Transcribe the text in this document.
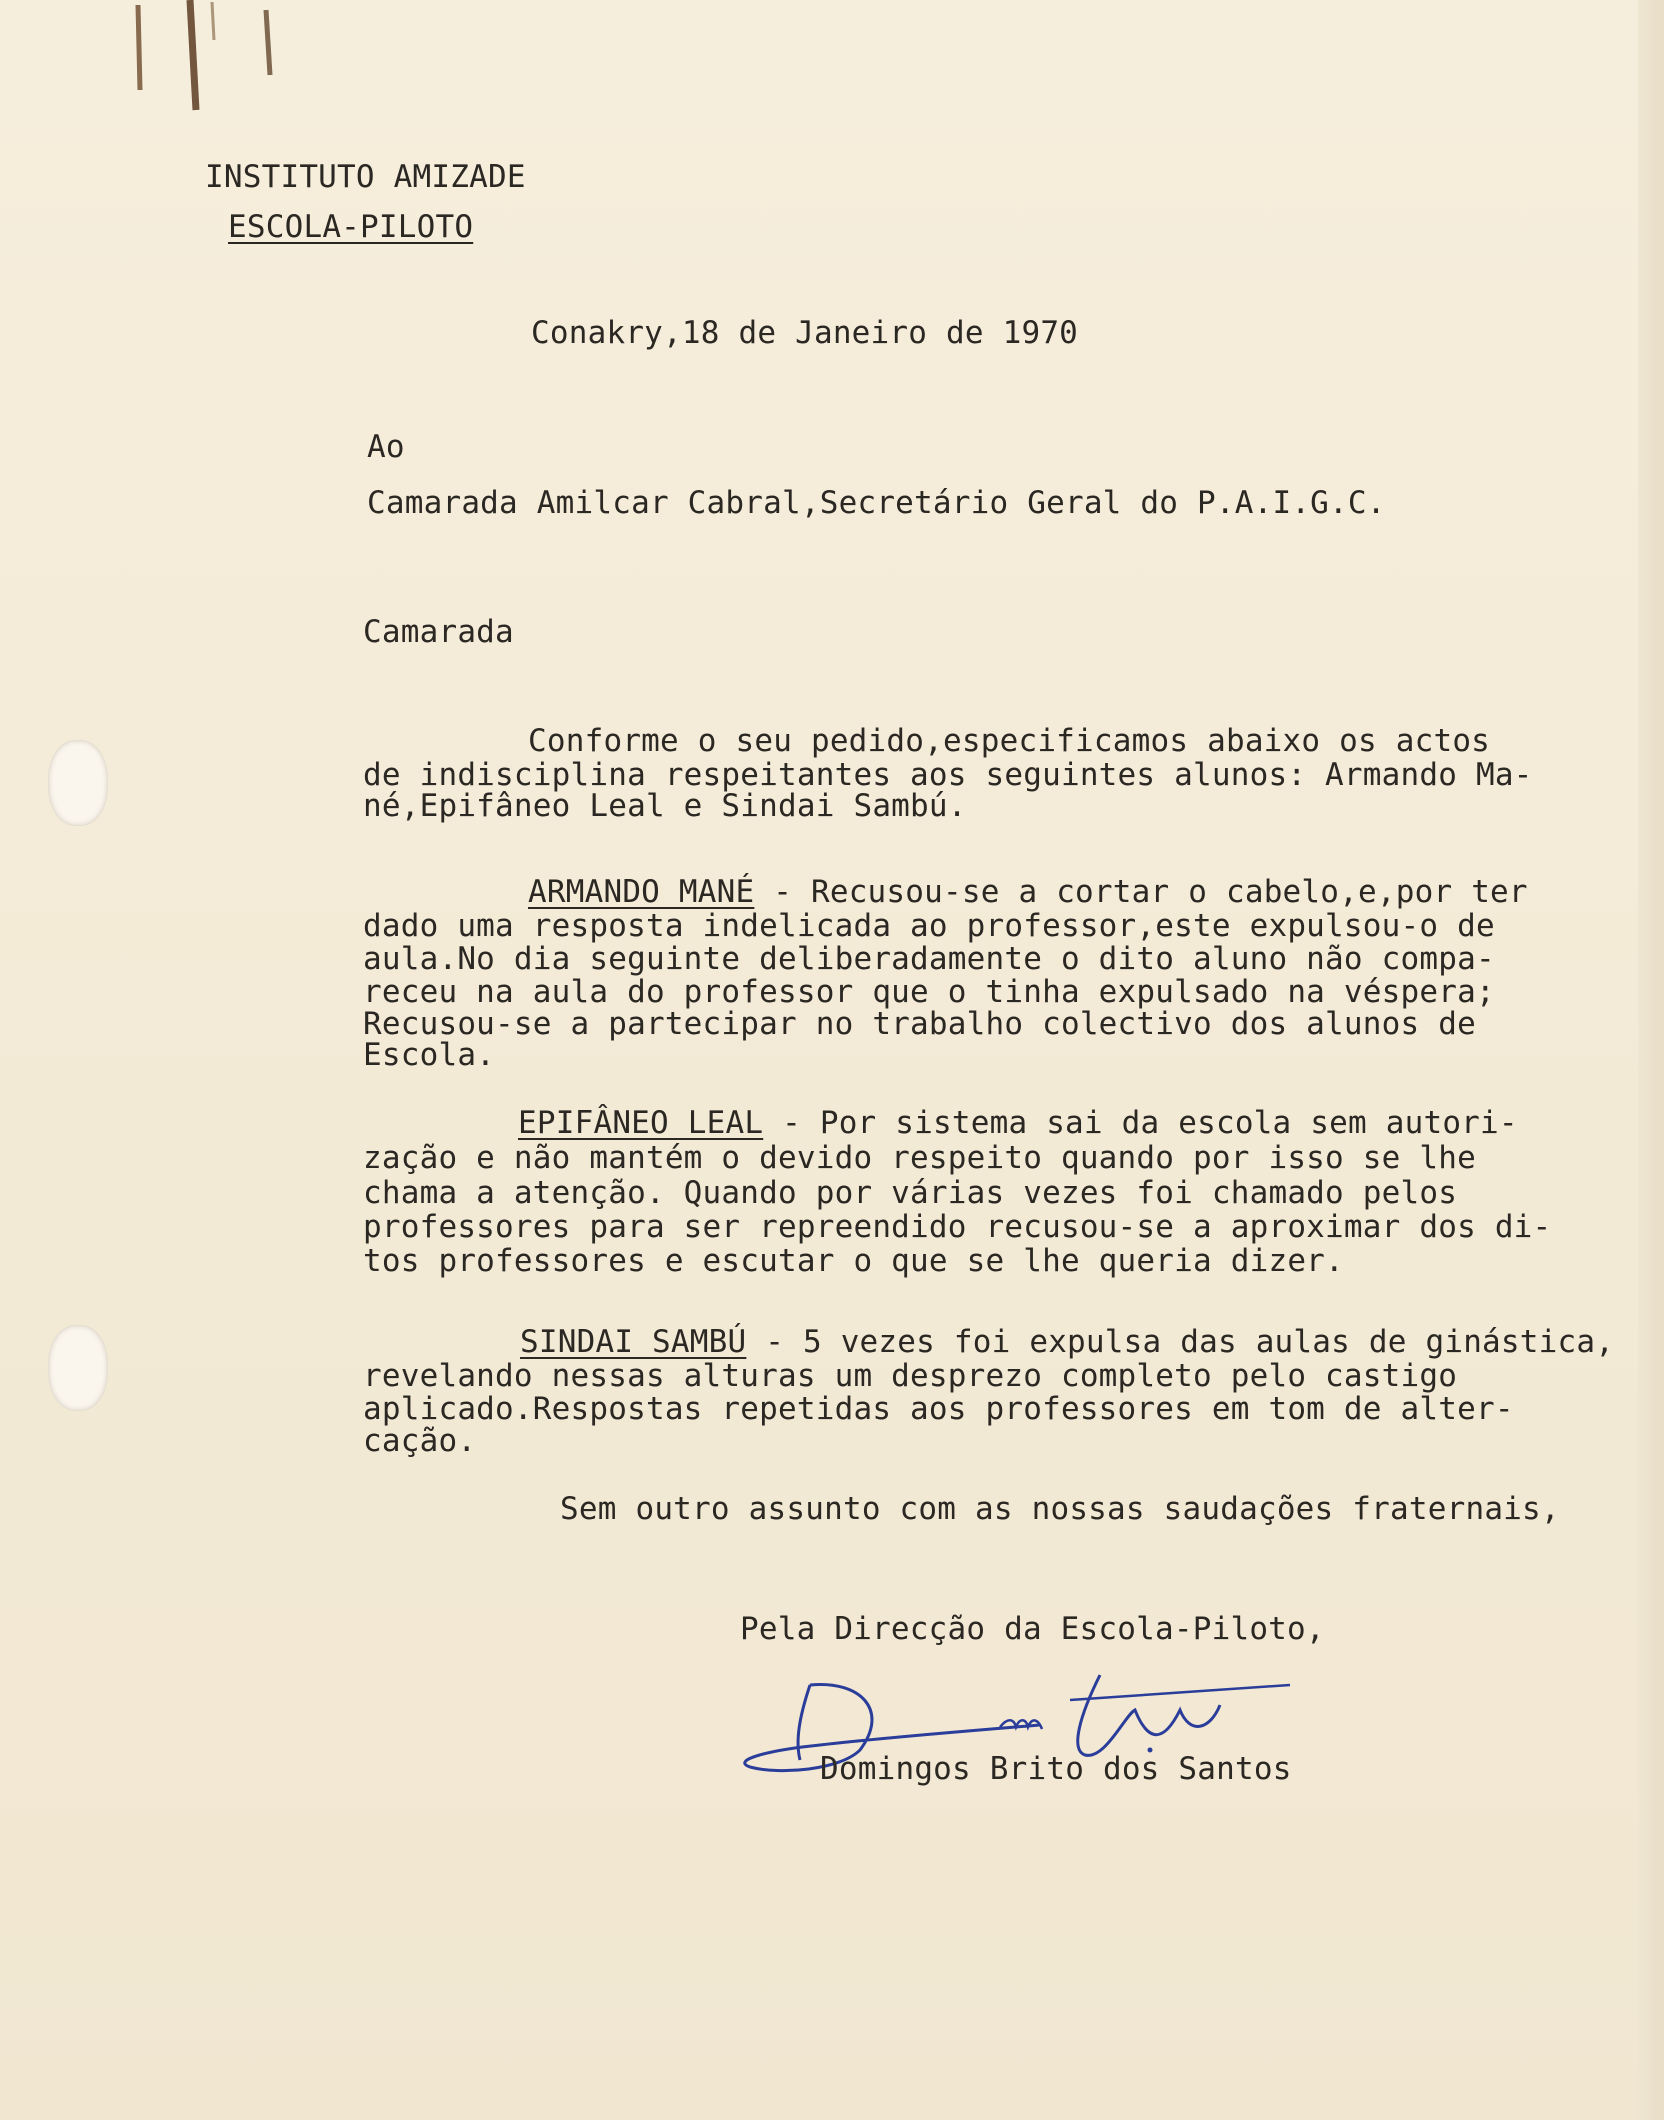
INSTITUTO AMIZADE
ESCOLA-PILOTO
Conakry,18 de Janeiro de 1970
Ao
Camarada Amilcar Cabral,Secretário Geral do P.A.I.G.C.
Camarada
Conforme o seu pedido,especificamos abaixo os actos
de indisciplina respeitantes aos seguintes alunos: Armando Ma-
né,Epifâneo Leal e Sindai Sambú.
ARMANDO MANÉ - Recusou-se a cortar o cabelo,e,por ter
dado uma resposta indelicada ao professor,este expulsou-o de
aula.No dia seguinte deliberadamente o dito aluno não compa-
receu na aula do professor que o tinha expulsado na véspera;
Recusou-se a partecipar no trabalho colectivo dos alunos de
Escola.
EPIFÂNEO LEAL - Por sistema sai da escola sem autori-
zação e não mantém o devido respeito quando por isso se lhe
chama a atenção. Quando por várias vezes foi chamado pelos
professores para ser repreendido recusou-se a aproximar dos di-
tos professores e escutar o que se lhe queria dizer.
SINDAI SAMBÚ - 5 vezes foi expulsa das aulas de ginástica,
revelando nessas alturas um desprezo completo pelo castigo
aplicado.Respostas repetidas aos professores em tom de alter-
cação.
Sem outro assunto com as nossas saudações fraternais,
Pela Direcção da Escola-Piloto,
Domingos Brito dos Santos
